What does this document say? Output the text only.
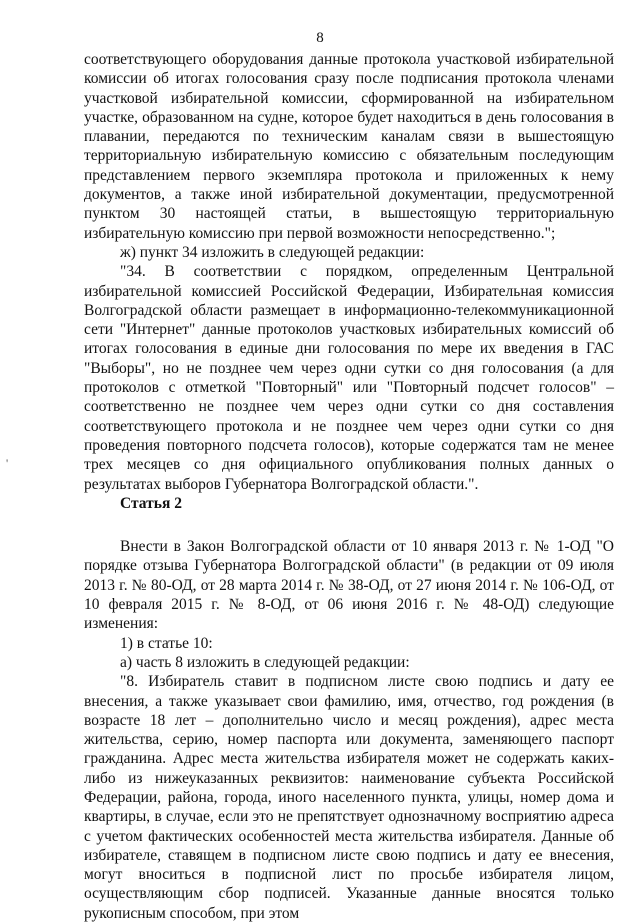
8
'

соответствующего оборудования данные протокола участковой избирательной комиссии об итогах голосования сразу после подписания протокола членами участковой избирательной комиссии, сформированной на избирательном участке, образованном на судне, которое будет находиться в день голосования в плавании, передаются по техническим каналам связи в вышестоящую территориальную избирательную комиссию с обязательным последующим представлением первого экземпляра протокола и приложенных к нему документов, а также иной избирательной документации, предусмотренной пунктом 30 настоящей статьи, в вышестоящую территориальную избирательную комиссию при первой возможности непосредственно.";

ж) пункт 34 изложить в следующей редакции:

"34. В соответствии с порядком, определенным Центральной избирательной комиссией Российской Федерации, Избирательная комиссия Волгоградской области размещает в информационно-телекоммуникационной сети "Интернет" данные протоколов участковых избирательных комиссий об итогах голосования в единые дни голосования по мере их введения в ГАС "Выборы", но не позднее чем через одни сутки со дня голосования (а для протоколов с отметкой "Повторный" или "Повторный подсчет голосов" – соответственно не позднее чем через одни сутки со дня составления соответствующего протокола и не позднее чем через одни сутки со дня проведения повторного подсчета голосов), которые содержатся там не менее трех месяцев со дня официального опубликования полных данных о результатах выборов Губернатора Волгоградской области.".

Статья 2

Внести в Закон Волгоградской области от 10 января 2013 г. № 1-ОД "О порядке отзыва Губернатора Волгоградской области" (в редакции от 09 июля 2013 г. № 80-ОД, от 28 марта 2014 г. № 38-ОД, от 27 июня 2014 г. № 106-ОД, от 10 февраля 2015 г. № 8-ОД, от 06 июня 2016 г. № 48-ОД) следующие изменения:

1) в статье 10:

а) часть 8 изложить в следующей редакции:

"8. Избиратель ставит в подписном листе свою подпись и дату ее внесения, а также указывает свои фамилию, имя, отчество, год рождения (в возрасте 18 лет – дополнительно число и месяц рождения), адрес места жительства, серию, номер паспорта или документа, заменяющего паспорт гражданина. Адрес места жительства избирателя может не содержать каких-либо из нижеуказанных реквизитов: наименование субъекта Российской Федерации, района, города, иного населенного пункта, улицы, номер дома и квартиры, в случае, если это не препятствует однозначному восприятию адреса с учетом фактических особенностей места жительства избирателя. Данные об избирателе, ставящем в подписном листе свою подпись и дату ее внесения, могут вноситься в подписной лист по просьбе избирателя лицом, осуществляющим сбор подписей. Указанные данные вносятся только рукописным способом, при этом
